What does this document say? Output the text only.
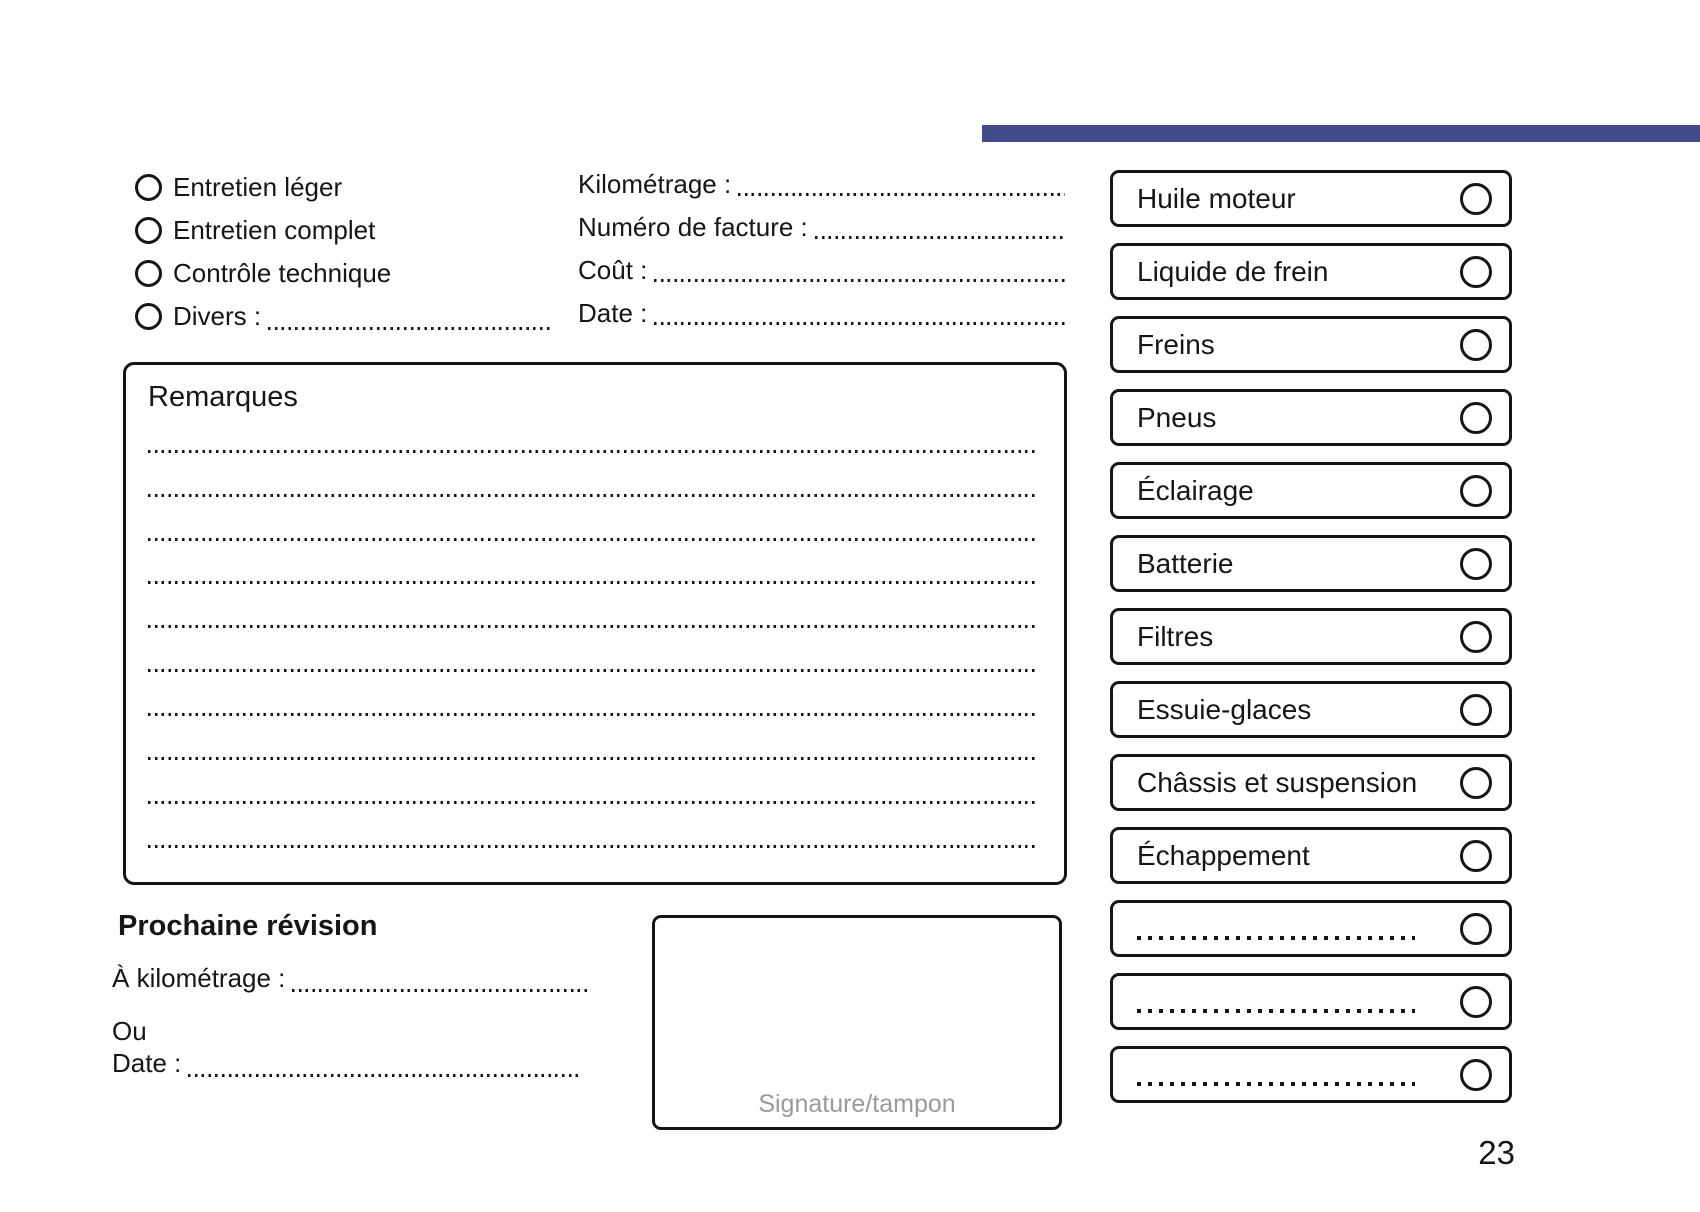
Entretien léger
Entretien complet
Contrôle technique
Divers :
Kilométrage :
Numéro de facture :
Coût :
Date :
Remarques
Prochaine révision
À kilométrage :
Ou
Date :
Signature/tampon
Huile moteur
Liquide de frein
Freins
Pneus
Éclairage
Batterie
Filtres
Essuie-glaces
Châssis et suspension
Échappement
23
